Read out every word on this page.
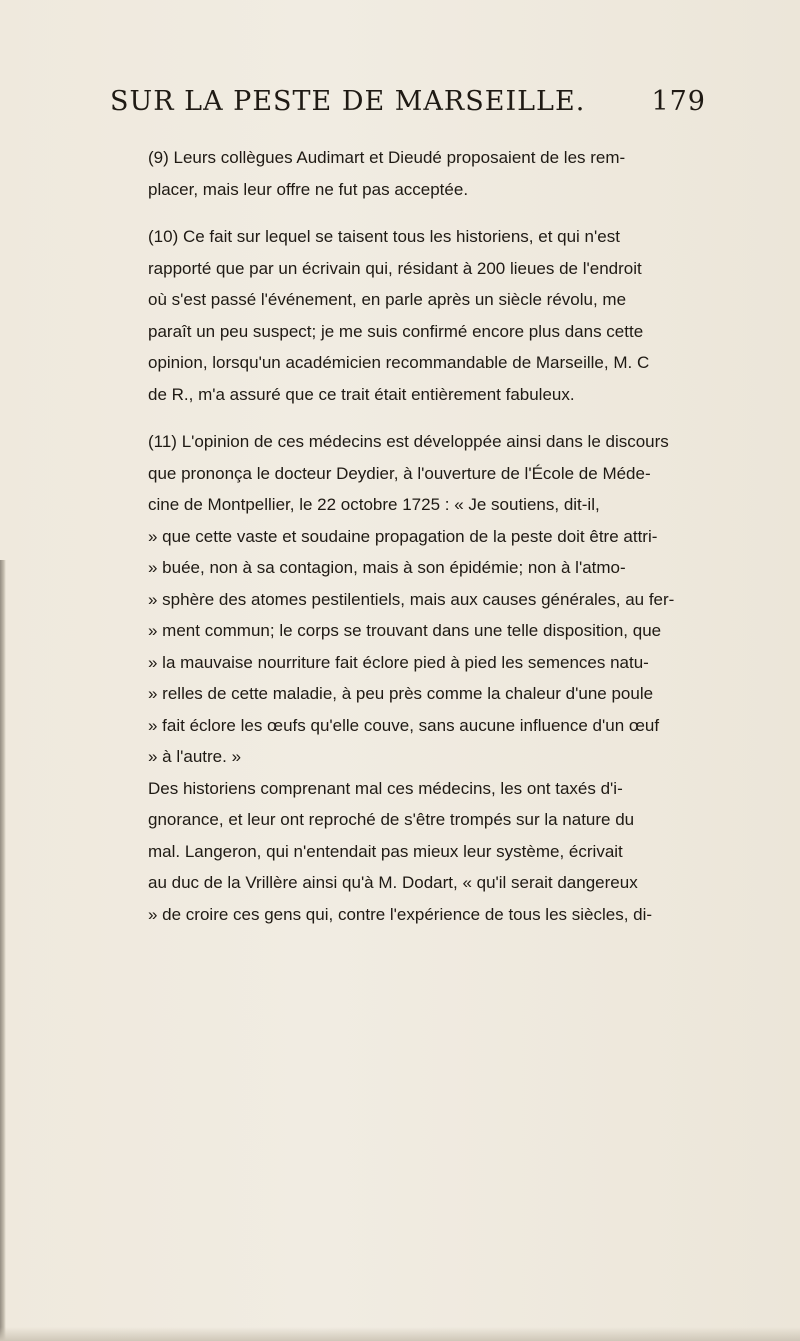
SUR LA PESTE DE MARSEILLE. 179

(9) Leurs collègues Audimart et Dieudé proposaient de les rem-
placer, mais leur offre ne fut pas acceptée.

(10) Ce fait sur lequel se taisent tous les historiens, et qui n'est
rapporté que par un écrivain qui, résidant à 200 lieues de l'endroit
où s'est passé l'événement, en parle après un siècle révolu, me
paraît un peu suspect; je me suis confirmé encore plus dans cette
opinion, lorsqu'un académicien recommandable de Marseille, M. C
de R., m'a assuré que ce trait était entièrement fabuleux.

(11) L'opinion de ces médecins est développée ainsi dans le discours
que prononça le docteur Deydier, à l'ouverture de l'École de Méde-
cine de Montpellier, le 22 octobre 1725 : « Je soutiens, dit-il,
» que cette vaste et soudaine propagation de la peste doit être attri-
» buée, non à sa contagion, mais à son épidémie; non à l'atmo-
» sphère des atomes pestilentiels, mais aux causes générales, au fer-
» ment commun; le corps se trouvant dans une telle disposition, que
» la mauvaise nourriture fait éclore pied à pied les semences natu-
» relles de cette maladie, à peu près comme la chaleur d'une poule
» fait éclore les œufs qu'elle couve, sans aucune influence d'un œuf
» à l'autre. »

Des historiens comprenant mal ces médecins, les ont taxés d'i-
gnorance, et leur ont reproché de s'être trompés sur la nature du
mal. Langeron, qui n'entendait pas mieux leur système, écrivait
au duc de la Vrillère ainsi qu'à M. Dodart, « qu'il serait dangereux
» de croire ces gens qui, contre l'expérience de tous les siècles, di-
